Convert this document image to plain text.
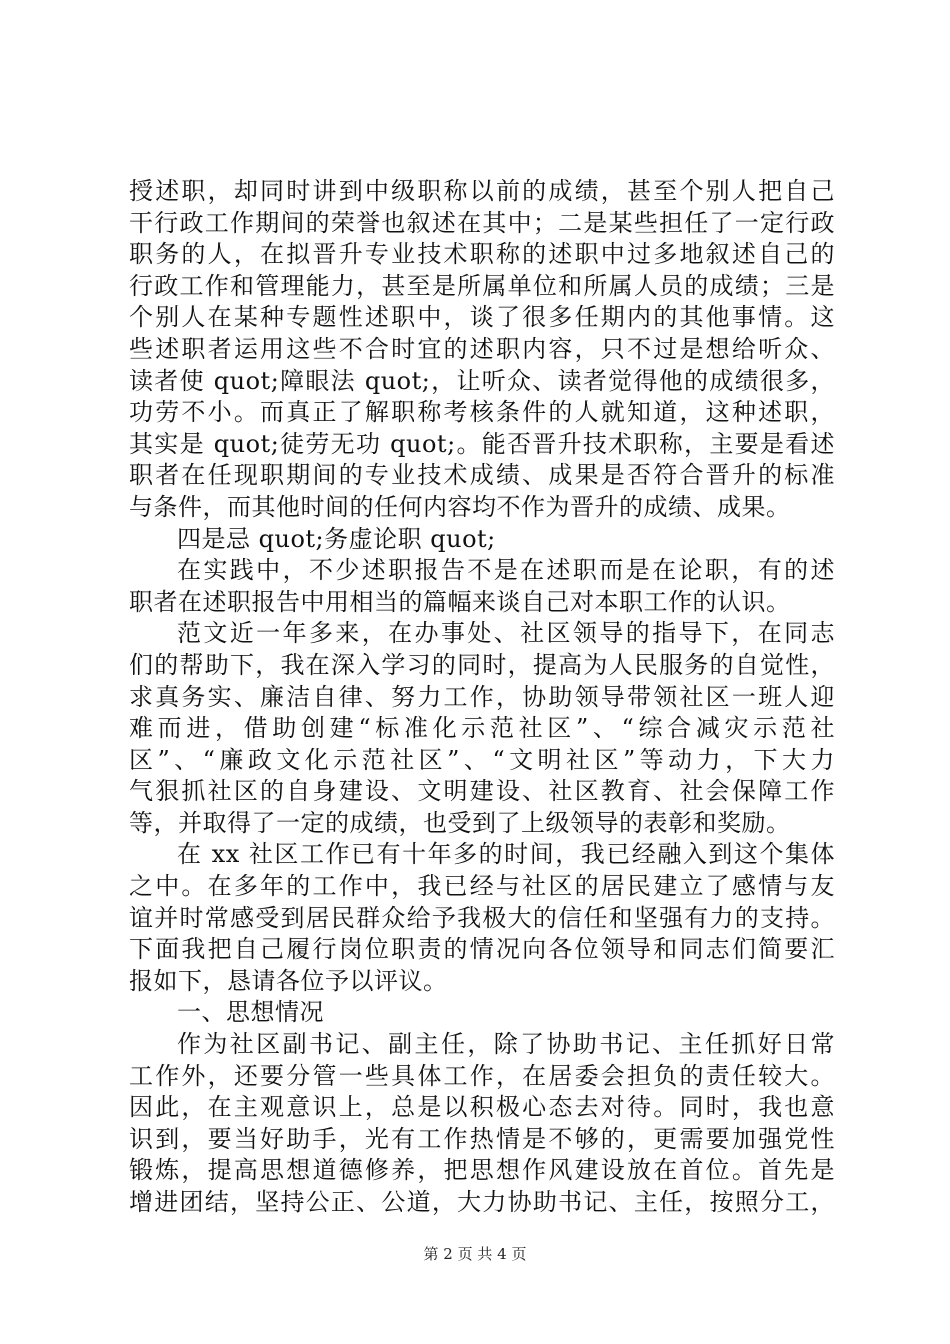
授述职，却同时讲到中级职称以前的成绩，甚至个别人把自己
干行政工作期间的荣誉也叙述在其中；二是某些担任了一定行政
职务的人，在拟晋升专业技术职称的述职中过多地叙述自己的
行政工作和管理能力，甚至是所属单位和所属人员的成绩；三是
个别人在某种专题性述职中，谈了很多任期内的其他事情。这
些述职者运用这些不合时宜的述职内容，只不过是想给听众、
读者使 quot;障眼法 quot;，让听众、读者觉得他的成绩很多，
功劳不小。而真正了解职称考核条件的人就知道，这种述职，
其实是 quot;徒劳无功 quot;。能否晋升技术职称，主要是看述
职者在任现职期间的专业技术成绩、成果是否符合晋升的标准
与条件，而其他时间的任何内容均不作为晋升的成绩、成果。
四是忌 quot;务虚论职 quot;
在实践中，不少述职报告不是在述职而是在论职，有的述
职者在述职报告中用相当的篇幅来谈自己对本职工作的认识。
范文近一年多来，在办事处、社区领导的指导下，在同志
们的帮助下，我在深入学习的同时，提高为人民服务的自觉性，
求真务实、廉洁自律、努力工作，协助领导带领社区一班人迎
难而进，借助创建“标准化示范社区”、“综合减灾示范社
区”、“廉政文化示范社区”、“文明社区”等动力，下大力
气狠抓社区的自身建设、文明建设、社区教育、社会保障工作
等，并取得了一定的成绩，也受到了上级领导的表彰和奖励。
在 xx 社区工作已有十年多的时间，我已经融入到这个集体
之中。在多年的工作中，我已经与社区的居民建立了感情与友
谊并时常感受到居民群众给予我极大的信任和坚强有力的支持。
下面我把自己履行岗位职责的情况向各位领导和同志们简要汇
报如下，恳请各位予以评议。
一、思想情况
作为社区副书记、副主任，除了协助书记、主任抓好日常
工作外，还要分管一些具体工作，在居委会担负的责任较大。
因此，在主观意识上，总是以积极心态去对待。同时，我也意
识到，要当好助手，光有工作热情是不够的，更需要加强党性
锻炼，提高思想道德修养，把思想作风建设放在首位。首先是
增进团结，坚持公正、公道，大力协助书记、主任，按照分工，
第 2 页 共 4 页
